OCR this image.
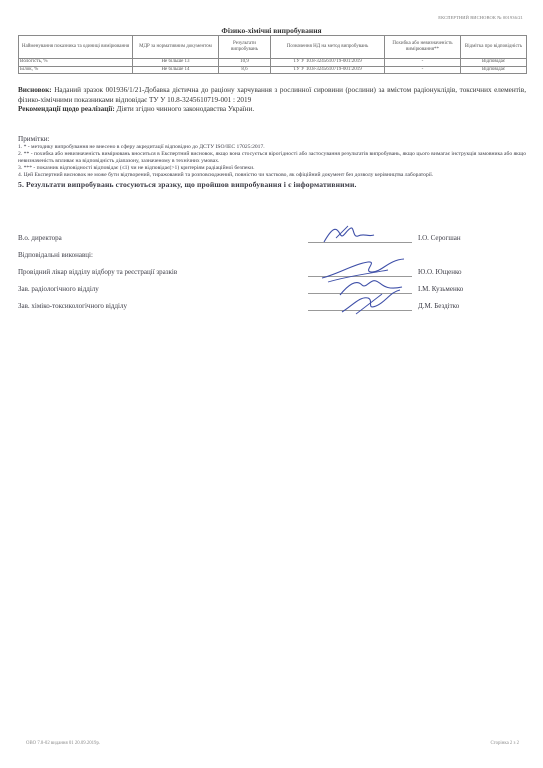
ЕКСПЕРТНИЙ ВИСНОВОК № 001936/21
Фізико-хімічні випробування
Найменування показника та одиниці вимірювання	МДР за нормативним документом	Результати випробувань	Позначення НД на метод випробувань	Похибка або невизначеність вимірювання**	Відмітка про відповідність
Вологість, %	Не більше 13	10,9	ТУ У 10.8-3245610719-001:2019	-	Відповідає
Білок, %	Не більше 14	8,6	ТУ У 10.8-3245610719-001:2019	-	Відповідає
Висновок: Наданий зразок 001936/1/21-Добавка дієтична до раціону харчування з рослинної сировини (рослини) за вмістом радіонуклідів, токсичних елементів, фізико-хімічними показниками відповідає ТУ У 10.8-3245610719-001 : 2019
Рекомендації щодо реалізації: Діяти згідно чинного законодавства України.
Примітки:

1. * - методику випробування не внесено в сферу акредитації відповідно до ДСТУ ISO/IEC 17025:2017.

2. ** - похибка або невизначеність вимірювань вноситься в Експертний висновок, якщо вона стосується вірогідності або застосування результатів випробувань, якщо цього вимагає інструкція замовника або якщо невизначеність впливає на відповідність діапазону, зазначеному в технічних умовах.

3. *** - показник відповідності відповідає (≤1) чи не відповідає(>1) критеріям радіаційної безпеки.

4. Цей Експертний висновок не може бути відтворений, тиражований та розповсюджений, повністю чи частково, як офіційний документ без дозволу керівництва лабораторії.

5. Результати випробувань стосуються зразку, що пройшов випробування і є інформативними.

В.о. директора	І.О. Серогшан
Відповідальні виконавці:
Провідний лікар відділу відбору та реєстрації зразків	Ю.О. Ющенко
Зав. радіологічного відділу	І.М. Кузьменко
Зав. хіміко-токсикологічного відділу	Д.М. Бездітко
ОВО 7.8-02 видання 01 20.09.2019р.	Сторінка 2 з 2
